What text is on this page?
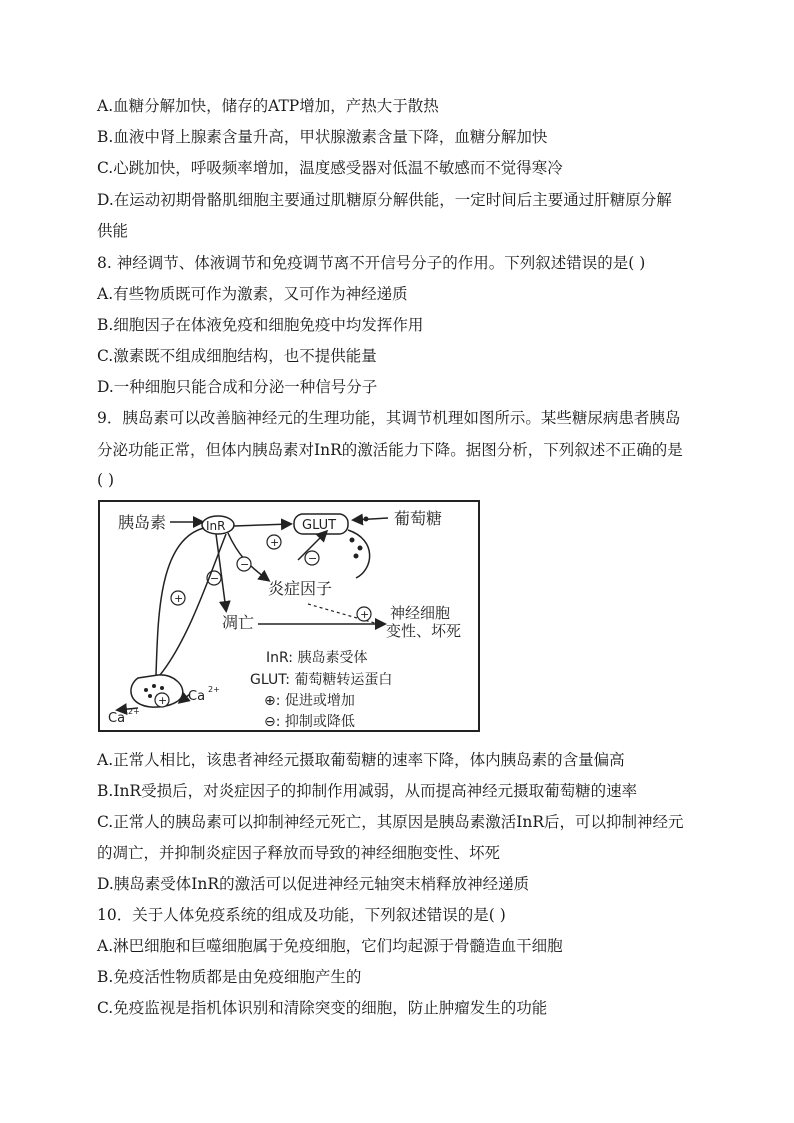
A.血糖分解加快，储存的ATP增加，产热大于散热
B.血液中肾上腺素含量升高，甲状腺激素含量下降，血糖分解加快
C.心跳加快，呼吸频率增加，温度感受器对低温不敏感而不觉得寒冷
D.在运动初期骨骼肌细胞主要通过肌糖原分解供能，一定时间后主要通过肝糖原分解
供能
8. 神经调节、体液调节和免疫调节离不开信号分子的作用。下列叙述错误的是( )
A.有些物质既可作为激素，又可作为神经递质
B.细胞因子在体液免疫和细胞免疫中均发挥作用
C.激素既不组成细胞结构，也不提供能量
D.一种细胞只能合成和分泌一种信号分子
9．胰岛素可以改善脑神经元的生理功能，其调节机理如图所示。某些糖尿病患者胰岛
分泌功能正常，但体内胰岛素对InR的激活能力下降。据图分析，下列叙述不正确的是
( )
胰岛素	InR	GLUT	葡萄糖
+
−
−
−
炎症因子
凋亡	+ 神经细胞
变性、坏死
+
+
Ca 2+
Ca 2+
InR: 胰岛素受体
GLUT: 葡萄糖转运蛋白
⊕: 促进或增加
⊖: 抑制或降低
A.正常人相比，该患者神经元摄取葡萄糖的速率下降，体内胰岛素的含量偏高
B.InR受损后，对炎症因子的抑制作用减弱，从而提高神经元摄取葡萄糖的速率
C.正常人的胰岛素可以抑制神经元死亡，其原因是胰岛素激活InR后，可以抑制神经元
的凋亡，并抑制炎症因子释放而导致的神经细胞变性、坏死
D.胰岛素受体InR的激活可以促进神经元轴突末梢释放神经递质
10．关于人体免疫系统的组成及功能，下列叙述错误的是( )
A.淋巴细胞和巨噬细胞属于免疫细胞，它们均起源于骨髓造血干细胞
B.免疫活性物质都是由免疫细胞产生的
C.免疫监视是指机体识别和清除突变的细胞，防止肿瘤发生的功能
